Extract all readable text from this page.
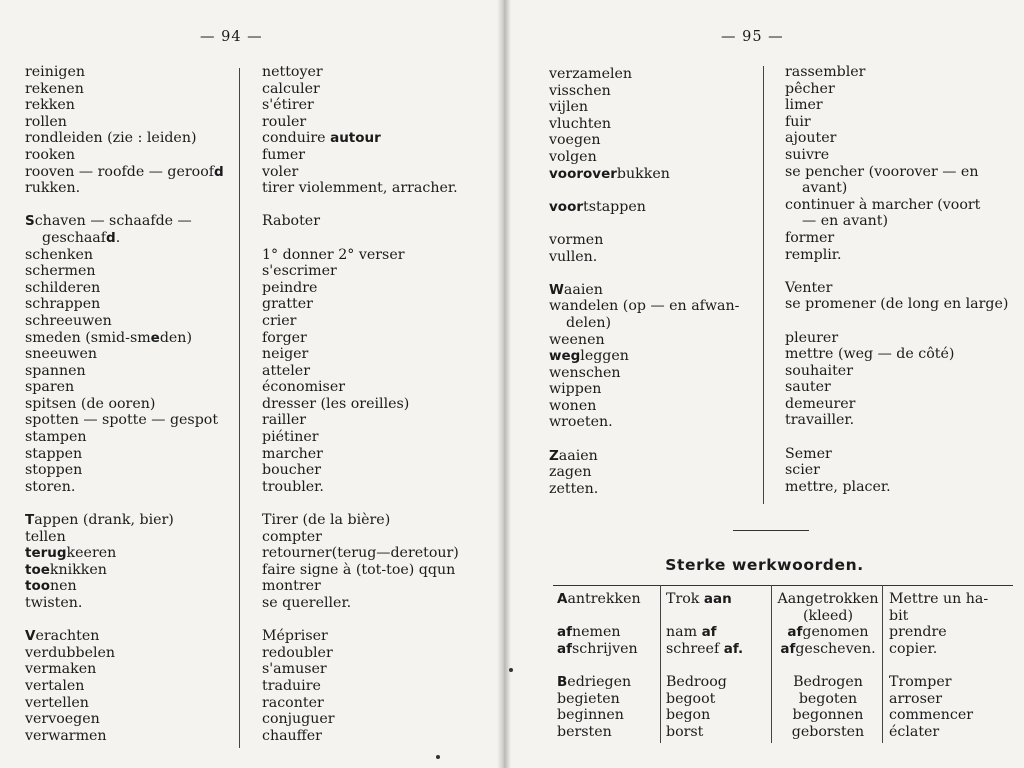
— 94 —
reinigen
rekenen
rekken
rollen
rondleiden (zie : leiden)
rooken
rooven — roofde — geroofd
rukken.
Schaven — schaafde —
geschaafd.
schenken
schermen
schilderen
schrappen
schreeuwen
smeden (smid-smeden)
sneeuwen
spannen
sparen
spitsen (de ooren)
spotten — spotte — gespot
stampen
stappen
stoppen
storen.
Tappen (drank, bier)
tellen
terugkeeren
toeknikken
toonen
twisten.
Verachten
verdubbelen
vermaken
vertalen
vertellen
vervoegen
verwarmen
nettoyer
calculer
s'étirer
rouler
conduire autour
fumer
voler
tirer violemment, arracher.
Raboter
1° donner 2° verser
s'escrimer
peindre
gratter
crier
forger
neiger
atteler
économiser
dresser (les oreilles)
railler
piétiner
marcher
boucher
troubler.
Tirer (de la bière)
compter
retourner(terug—deretour)
faire signe à (tot-toe) qqun
montrer
se quereller.
Mépriser
redoubler
s'amuser
traduire
raconter
conjuguer
chauffer
— 95 —
verzamelen
visschen
vijlen
vluchten
voegen
volgen
vooroverbukken
voortstappen
vormen
vullen.
Waaien
wandelen (op — en afwan-
delen)
weenen
wegleggen
wenschen
wippen
wonen
wroeten.
Zaaien
zagen
zetten.
rassembler
pêcher
limer
fuir
ajouter
suivre
se pencher (voorover — en
avant)
continuer à marcher (voort
— en avant)
former
remplir.
Venter
se promener (de long en large)
pleurer
mettre (weg — de côté)
souhaiter
sauter
demeurer
travailler.
Semer
scier
mettre, placer.
Sterke werkwoorden.
Aantrekken
afnemen
afschrijven
Bedriegen
begieten
beginnen
bersten
Trok aan
nam af
schreef af.
Bedroog
begoot
begon
borst
Aangetrokken
(kleed)
afgenomen
afgescheven.
Bedrogen
begoten
begonnen
geborsten
Mettre un ha-
bit
prendre
copier.
Tromper
arroser
commencer
éclater
